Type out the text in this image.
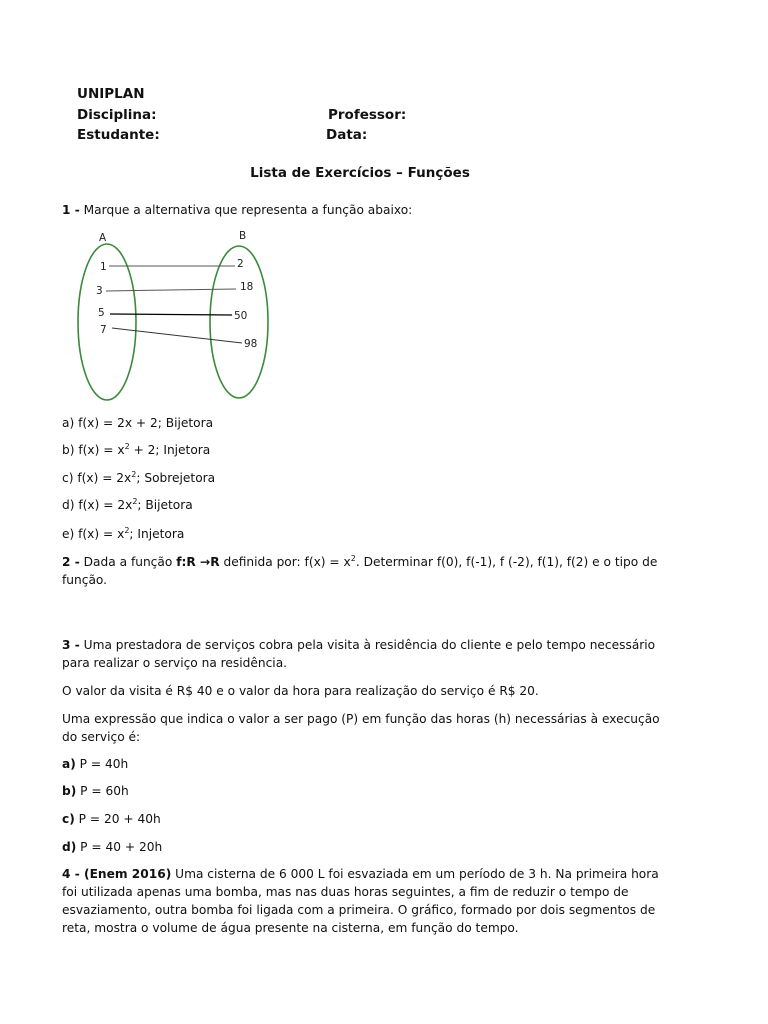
UNIPLAN
Disciplina:	Professor:
Estudante:	Data:
Lista de Exercícios – Funções
1 - Marque a alternativa que representa a função abaixo:
A	B
1
3
5
7
2
18
50
98
a) f(x) = 2x + 2; Bijetora
b) $f(x) = x^2 + 2$; Injetora
c) $f(x) = 2x^2$; Sobrejetora
d) $f(x) = 2x^2$; Bijetora
e) $f(x) = x^2$; Injetora
2 - Dada a função f:R →R definida por: $f(x) = x^2$. Determinar f(0), f(-1), f (-2), f(1), f(2) e o tipo de função.
3 - Uma prestadora de serviços cobra pela visita à residência do cliente e pelo tempo necessário para realizar o serviço na residência.
O valor da visita é R$ 40 e o valor da hora para realização do serviço é R$ 20.
Uma expressão que indica o valor a ser pago (P) em função das horas (h) necessárias à execução do serviço é:
a) P = 40h
b) P = 60h
c) P = 20 + 40h
d) P = 40 + 20h
4 - (Enem 2016) Uma cisterna de 6 000 L foi esvaziada em um período de 3 h. Na primeira hora foi utilizada apenas uma bomba, mas nas duas horas seguintes, a fim de reduzir o tempo de esvaziamento, outra bomba foi ligada com a primeira. O gráfico, formado por dois segmentos de reta, mostra o volume de água presente na cisterna, em função do tempo.
